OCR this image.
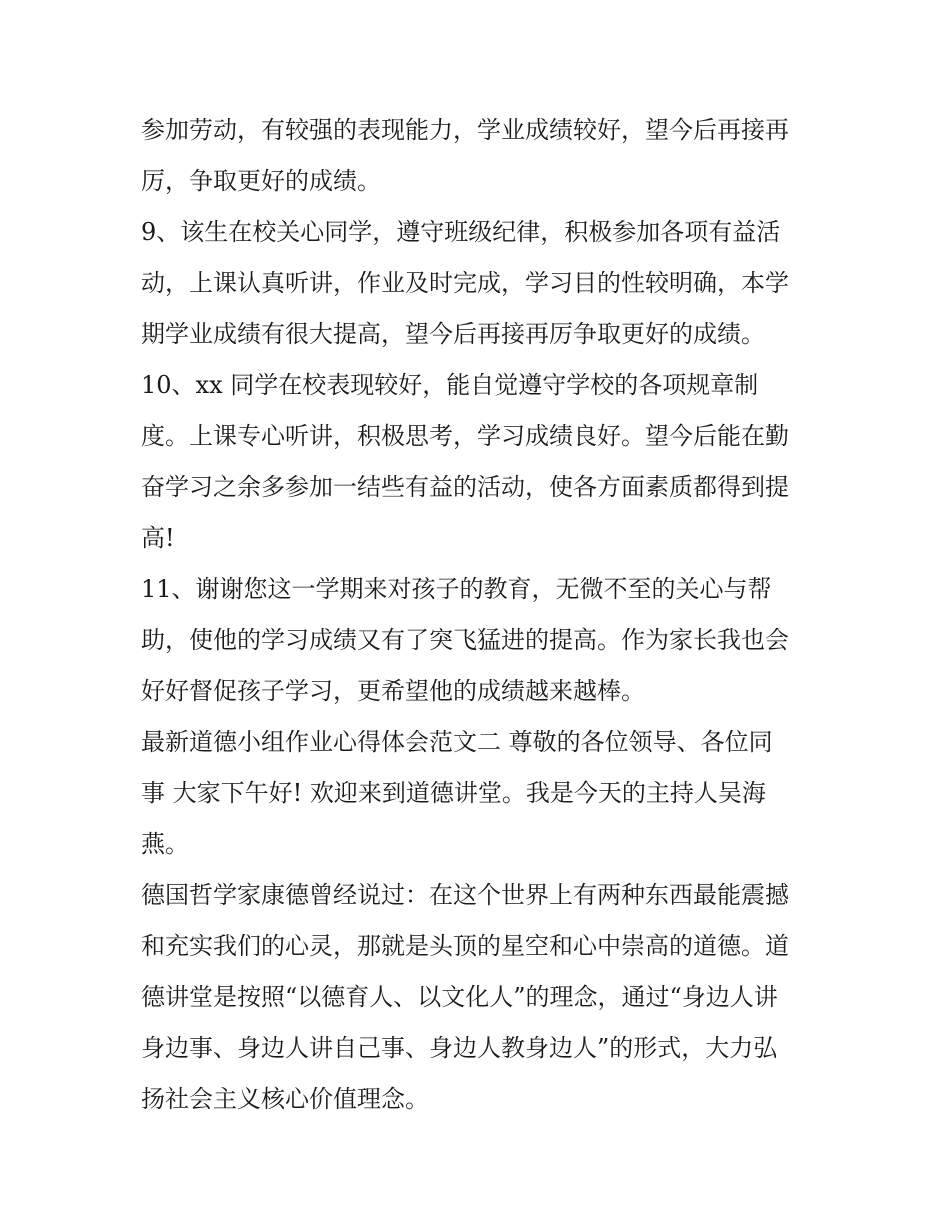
参加劳动，有较强的表现能力，学业成绩较好，望今后再接再
厉，争取更好的成绩。
9、该生在校关心同学，遵守班级纪律，积极参加各项有益活
动，上课认真听讲，作业及时完成，学习目的性较明确，本学
期学业成绩有很大提高，望今后再接再厉争取更好的成绩。
10、xx 同学在校表现较好，能自觉遵守学校的各项规章制
度。上课专心听讲，积极思考，学习成绩良好。望今后能在勤
奋学习之余多参加一结些有益的活动，使各方面素质都得到提
高!
11、谢谢您这一学期来对孩子的教育，无微不至的关心与帮
助，使他的学习成绩又有了突飞猛进的提高。作为家长我也会
好好督促孩子学习，更希望他的成绩越来越棒。
最新道德小组作业心得体会范文二 尊敬的各位领导、各位同
事 大家下午好! 欢迎来到道德讲堂。我是今天的主持人吴海
燕。
德国哲学家康德曾经说过：在这个世界上有两种东西最能震撼
和充实我们的心灵，那就是头顶的星空和心中崇高的道德。道
德讲堂是按照“以德育人、以文化人”的理念，通过“身边人讲
身边事、身边人讲自己事、身边人教身边人”的形式，大力弘
扬社会主义核心价值理念。
